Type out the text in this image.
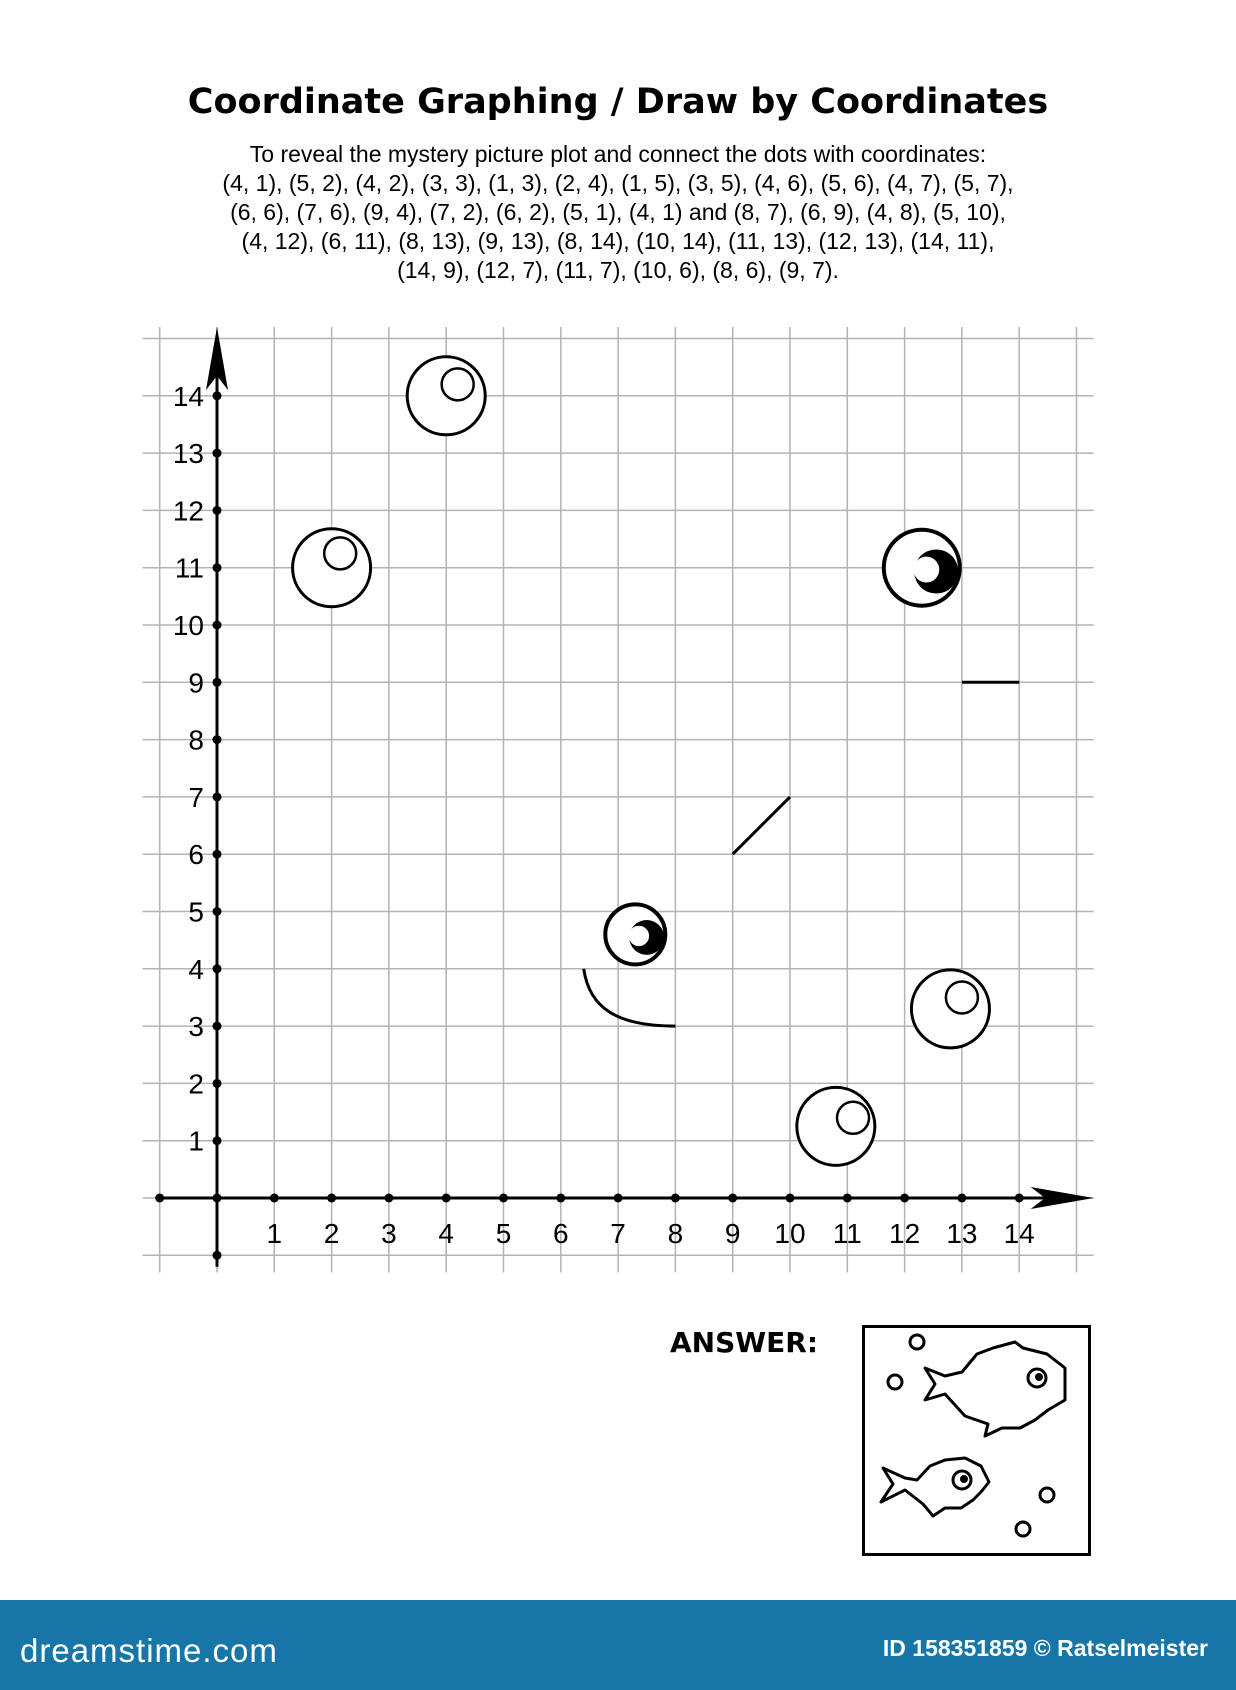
Coordinate Graphing / Draw by Coordinates
To reveal the mystery picture plot and connect the dots with coordinates:
(4, 1), (5, 2), (4, 2), (3, 3), (1, 3), (2, 4), (1, 5), (3, 5), (4, 6), (5, 6), (4, 7), (5, 7),
(6, 6), (7, 6), (9, 4), (7, 2), (6, 2), (5, 1), (4, 1) and (8, 7), (6, 9), (4, 8), (5, 10),
(4, 12), (6, 11), (8, 13), (9, 13), (8, 14), (10, 14), (11, 13), (12, 13), (14, 11),
(14, 9), (12, 7), (11, 7), (10, 6), (8, 6), (9, 7).
1 2 3 4 5 6 7 8 9 10 11 12 13 14
1
2
3
4
5
6
7
8
9
10
11
12
13
14
ANSWER:
dreamstime.com	ID 158351859 © Ratselmeister
